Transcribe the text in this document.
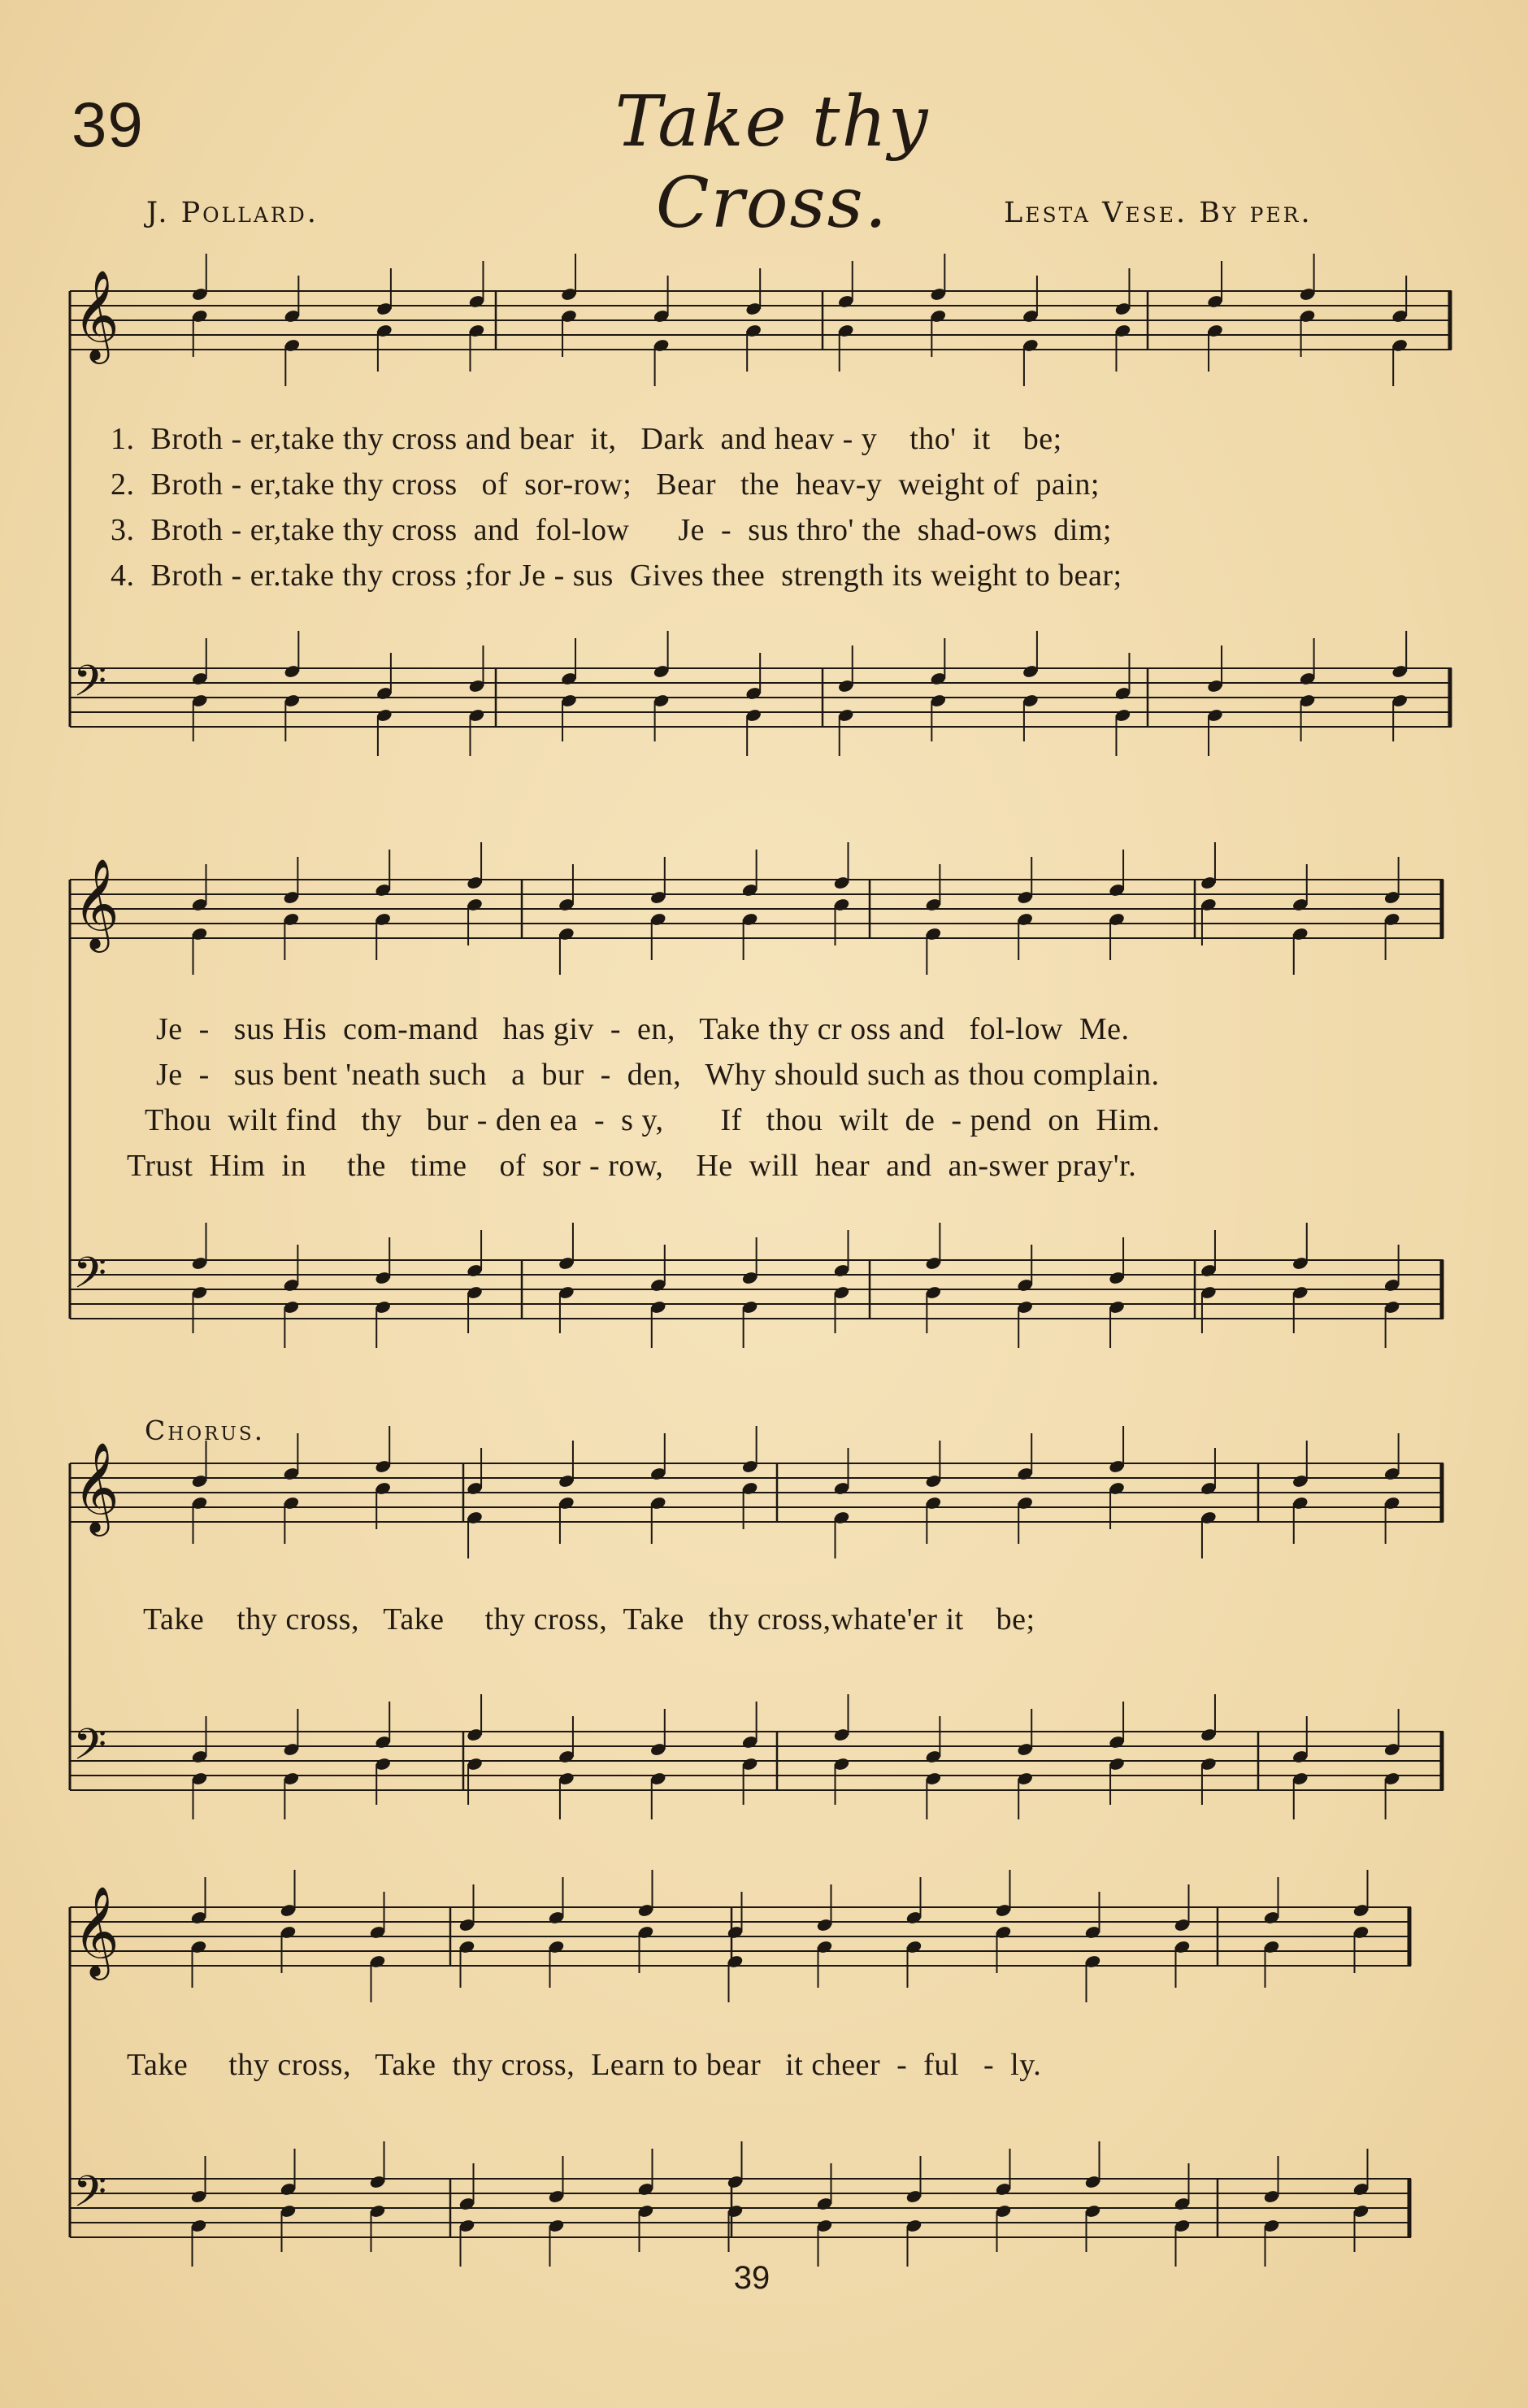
39	Take thy Cross.
J. Pollard.	Lesta Vese. By per.
𝄞
𝄢
𝄞
𝄢
𝄞
𝄢
𝄞
𝄢
1.  Broth - er,take thy cross and bear  it,   Dark  and heav - y    tho'  it    be;
2.  Broth - er,take thy cross   of  sor-row;   Bear   the  heav-y  weight of  pain;
3.  Broth - er,take thy cross  and  fol-low      Je  -  sus thro' the  shad-ows  dim;
4.  Broth - er.take thy cross ;for Je - sus  Gives thee  strength its weight to bear;
Je  -   sus His  com-mand   has giv  -  en,   Take thy cr oss and   fol-low  Me.
Je  -   sus bent 'neath such   a  bur  -  den,   Why should such as thou complain.
Thou  wilt find   thy   bur - den ea  -  s y,       If   thou  wilt  de  - pend  on  Him.
Trust  Him  in     the   time    of  sor - row,    He  will  hear  and  an-swer pray'r.
Chorus.
Take    thy cross,   Take     thy cross,  Take   thy cross,whate'er it    be;
Take     thy cross,   Take  thy cross,  Learn to bear   it cheer  -  ful   -  ly.
39
